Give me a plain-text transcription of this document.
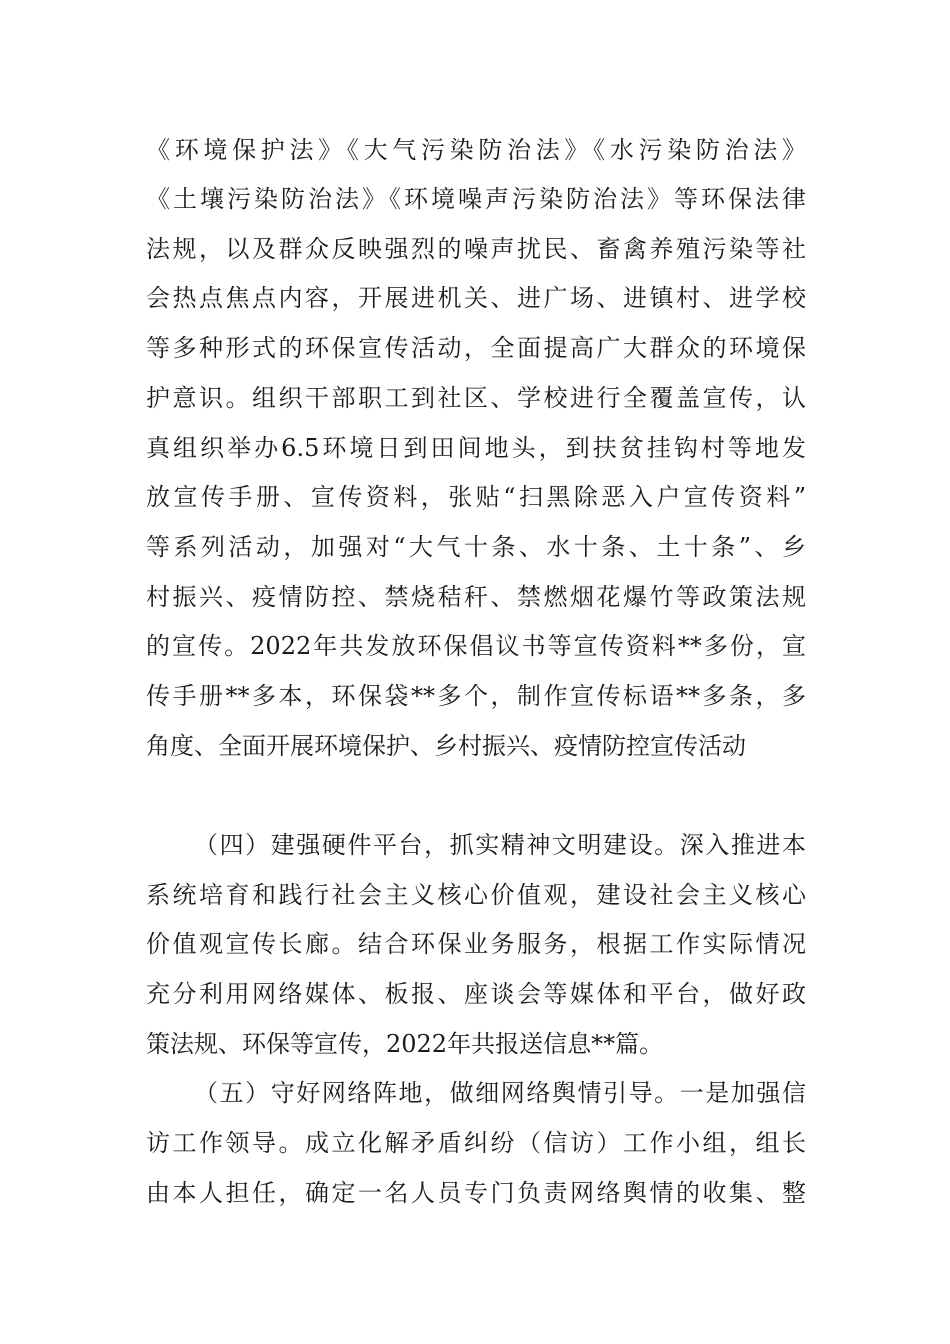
《环境保护法》《大气污染防治法》《水污染防治法》
《土壤污染防治法》《环境噪声污染防治法》等环保法律
法规，以及群众反映强烈的噪声扰民、畜禽养殖污染等社
会热点焦点内容，开展进机关、进广场、进镇村、进学校
等多种形式的环保宣传活动，全面提高广大群众的环境保
护意识。组织干部职工到社区、学校进行全覆盖宣传，认
真组织举办6.5环境日到田间地头，到扶贫挂钩村等地发
放宣传手册、宣传资料，张贴“扫黑除恶入户宣传资料”
等系列活动，加强对“大气十条、水十条、土十条”、乡
村振兴、疫情防控、禁烧秸秆、禁燃烟花爆竹等政策法规
的宣传。2022年共发放环保倡议书等宣传资料**多份，宣
传手册**多本，环保袋**多个，制作宣传标语**多条，多
角度、全面开展环境保护、乡村振兴、疫情防控宣传活动
（四）建强硬件平台，抓实精神文明建设。深入推进本
系统培育和践行社会主义核心价值观，建设社会主义核心
价值观宣传长廊。结合环保业务服务，根据工作实际情况
充分利用网络媒体、板报、座谈会等媒体和平台，做好政
策法规、环保等宣传，2022年共报送信息**篇。
（五）守好网络阵地，做细网络舆情引导。一是加强信
访工作领导。成立化解矛盾纠纷（信访）工作小组，组长
由本人担任，确定一名人员专门负责网络舆情的收集、整
